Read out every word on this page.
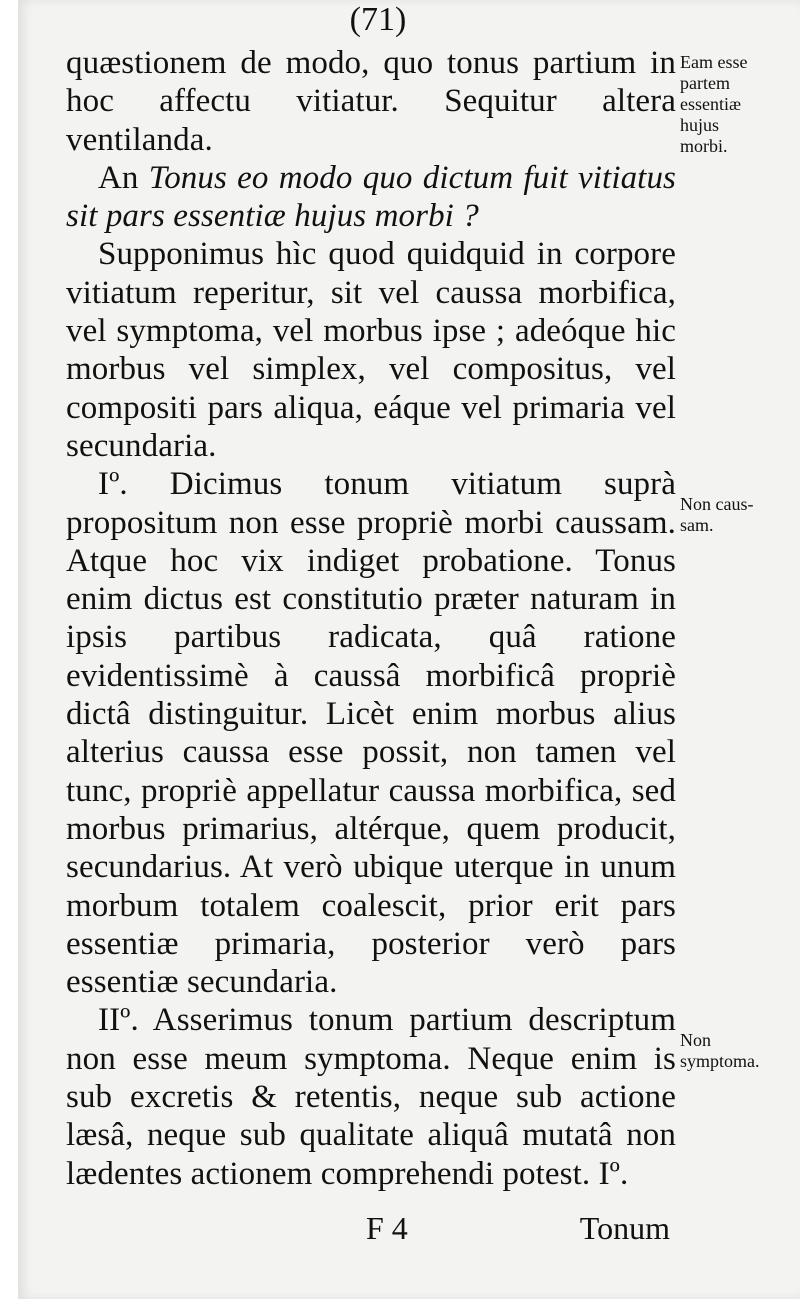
(71)

quæstionem de modo, quo tonus partium in hoc affectu vitiatur. Sequitur altera ventilanda.

An Tonus eo modo quo dictum fuit vitiatus sit pars essentiæ hujus morbi ?

Supponimus hìc quod quidquid in corpore vitiatum reperitur, sit vel caussa morbifica, vel symptoma, vel morbus ipse ; adeóque hic morbus vel simplex, vel compositus, vel compositi pars aliqua, eáque vel primaria vel secundaria.

Iº. Dicimus tonum vitiatum suprà propositum non esse propriè morbi caussam. Atque hoc vix indiget probatione. Tonus enim dictus est constitutio præter naturam in ipsis partibus radicata, quâ ratione evidentissimè à caussâ morbificâ propriè dictâ distinguitur. Licèt enim morbus alius alterius caussa esse possit, non tamen vel tunc, propriè appellatur caussa morbifica, sed morbus primarius, altérque, quem producit, secundarius. At verò ubique uterque in unum morbum totalem coalescit, prior erit pars essentiæ primaria, posterior verò pars essentiæ secundaria.

IIº. Asserimus tonum partium descriptum non esse meum symptoma. Neque enim is sub excretis & retentis, neque sub actione læsâ, neque sub qualitate aliquâ mutatâ non lædentes actionem comprehendi potest. Iº.

Eam esse
partem
essentiæ
hujus
morbi.
Non caus-
sam.
Non
symptoma.
F 4	Tonum
